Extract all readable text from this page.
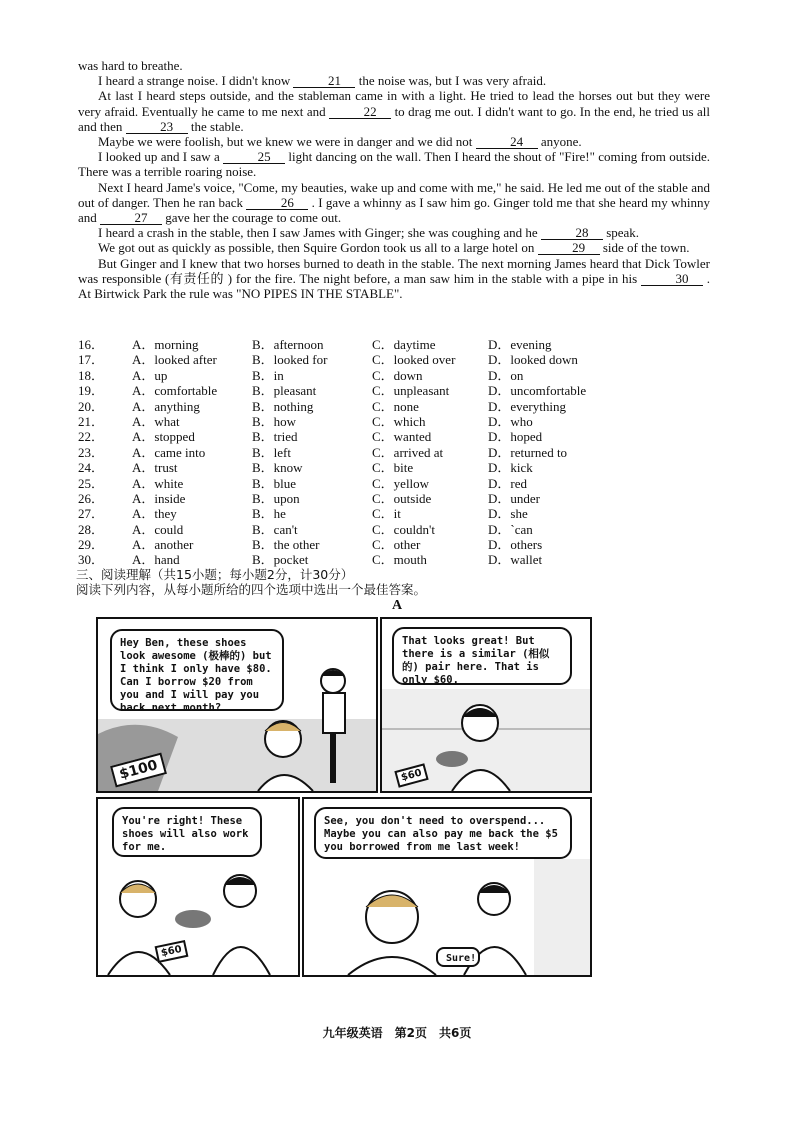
was hard to breathe.

I heard a strange noise. I didn't know	21 the noise was, but I was very afraid.

At last I heard steps outside, and the stableman came in with a light. He tried to lead the horses out but they were very afraid. Eventually he came to me next and	22 to drag me out. I didn't want to go. In the end, he tried us all and then	23 the stable.

Maybe we were foolish, but we knew we were in danger and we did not	24 anyone.

I looked up and I saw a	25 light dancing on the wall. Then I heard the shout of "Fire!" coming from outside. There was a terrible roaring noise.

Next I heard Jame's voice, "Come, my beauties, wake up and come with me," he said. He led me out of the stable and out of danger. Then he ran back	26 . I gave a whinny as I saw him go. Ginger told me that she heard my whinny and	27 gave her the courage to come out.

I heard a crash in the stable, then I saw James with Ginger; she was coughing and he	28 speak.

We got out as quickly as possible, then Squire Gordon took us all to a large hotel on	29 side of the town.

But Ginger and I knew that two horses burned to death in the stable. The next morning James heard that Dick Towler was responsible (有责任的 ) for the fire. The night before, a man saw him in the stable with a pipe in his	30 . At Birtwick Park the rule was "NO PIPES IN THE STABLE".

16．	A．morning	B．afternoon	C．daytime	D．evening
17．	A．looked after	B．looked for	C．looked over	D．looked down
18．	A．up	B．in	C．down	D．on
19．	A．comfortable	B．pleasant	C．unpleasant	D．uncomfortable
20．	A．anything	B．nothing	C．none	D．everything
21．	A．what	B．how	C．which	D．who
22．	A．stopped	B．tried	C．wanted	D．hoped
23．	A．came into	B．left	C．arrived at	D．returned to
24．	A．trust	B．know	C．bite	D．kick
25．	A．white	B．blue	C．yellow	D．red
26．	A．inside	B．upon	C．outside	D．under
27．	A．they	B．he	C．it	D．she
28．	A．could	B．can't	C．couldn't	D．`can
29．	A．another	B．the other	C．other	D．others
30．	A．hand	B．pocket	C．mouth	D．wallet
三、阅读理解（共15小题；每小题2分，计30分）
阅读下列内容，从每小题所给的四个选项中选出一个最佳答案。
A
Hey Ben, these shoes look awesome (极棒的) but I think I only have $80. Can I borrow $20 from you and I will pay you back next month?
$100
That looks great! But there is a similar (相似的) pair here. That is only $60.
$60
You're right! These shoes will also work for me.
$60
See, you don't need to overspend... Maybe you can also pay me back the $5 you borrowed from me last week!
Sure!
九年级英语　第2页　共6页
